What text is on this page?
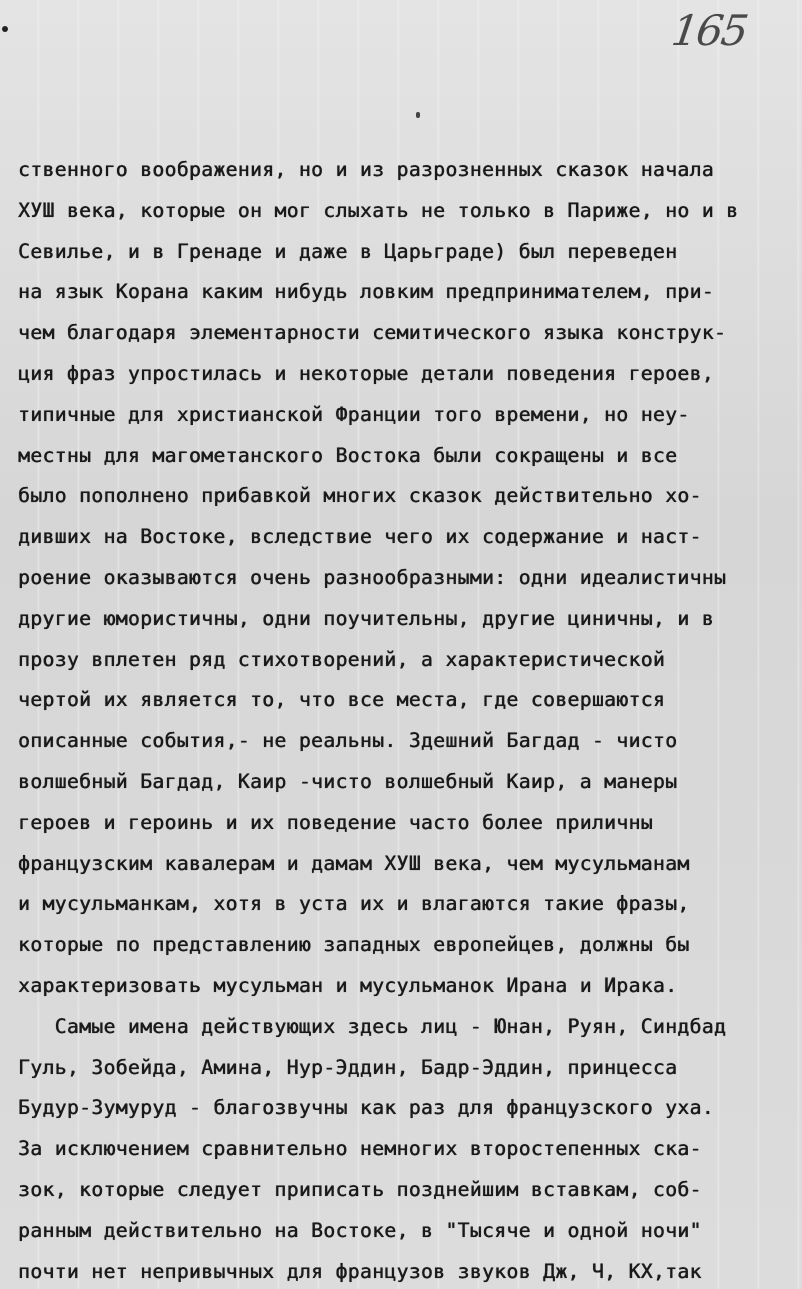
165
ственного воображения, но и из разрозненных сказок начала
ХУШ века, которые он мог слыхать не только в Париже, но и в
Севилье, и в Гренаде и даже в Царьграде) был переведен
на язык Корана каким нибудь ловким предпринимателем, при-
чем благодаря элементарности семитического языка конструк-
ция фраз упростилась и некоторые детали поведения героев,
типичные для христианской Франции того времени, но неу-
местны для магометанского Востока были сокращены и все
было пополнено прибавкой многих сказок действительно хо-
дивших на Востоке, вследствие чего их содержание и наст-
роение оказываются очень разнообразными: одни идеалистичны
другие юмористичны, одни поучительны, другие циничны, и в
прозу вплетен ряд стихотворений, а характеристической
чертой их является то, что все места, где совершаются
описанные события,- не реальны. Здешний Багдад - чисто
волшебный Багдад, Каир -чисто волшебный Каир, а манеры
героев и героинь и их поведение часто более приличны
французским кавалерам и дамам ХУШ века, чем мусульманам
и мусульманкам, хотя в уста их и влагаются такие фразы,
которые по представлению западных европейцев, должны бы
характеризовать мусульман и мусульманок Ирана и Ирака.
Самые имена действующих здесь лиц - Юнан, Руян, Синдбад
Гуль, Зобейда, Амина, Нур-Эддин, Бадр-Эддин, принцесса
Будур-Зумуруд - благозвучны как раз для французского уха.
За исключением сравнительно немногих второстепенных ска-
зок, которые следует приписать позднейшим вставкам, соб-
ранным действительно на Востоке, в "Тысяче и одной ночи"
почти нет непривычных для французов звуков Дж, Ч, КХ,так
